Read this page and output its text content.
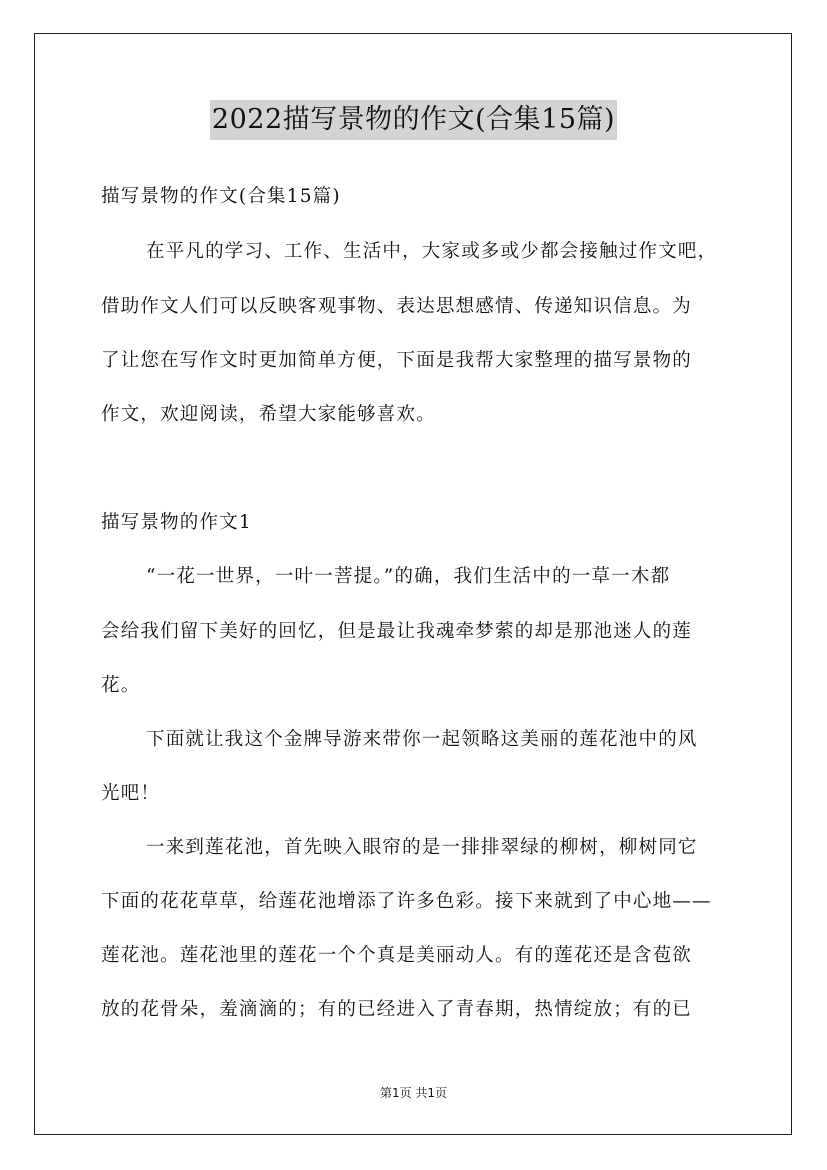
2022描写景物的作文(合集15篇)
描写景物的作文(合集15篇)
在平凡的学习、工作、生活中，大家或多或少都会接触过作文吧，
借助作文人们可以反映客观事物、表达思想感情、传递知识信息。为
了让您在写作文时更加简单方便，下面是我帮大家整理的描写景物的
作文，欢迎阅读，希望大家能够喜欢。
描写景物的作文1
“一花一世界，一叶一菩提。”的确，我们生活中的一草一木都
会给我们留下美好的回忆，但是最让我魂牵梦萦的却是那池迷人的莲
花。
下面就让我这个金牌导游来带你一起领略这美丽的莲花池中的风
光吧！
一来到莲花池，首先映入眼帘的是一排排翠绿的柳树，柳树同它
下面的花花草草，给莲花池增添了许多色彩。接下来就到了中心地——
莲花池。莲花池里的莲花一个个真是美丽动人。有的莲花还是含苞欲
放的花骨朵，羞滴滴的；有的已经进入了青春期，热情绽放；有的已
第1页 共1页
